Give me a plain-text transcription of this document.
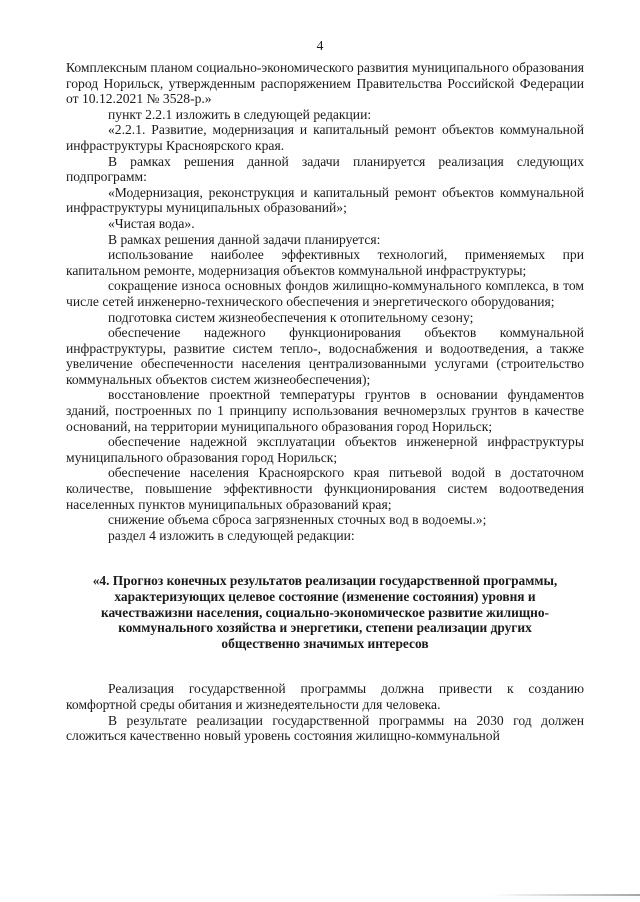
4

Комплексным планом социально-экономического развития муниципального образования город Норильск, утвержденным распоряжением Правительства Российской Федерации от 10.12.2021 № 3528-р.»

пункт 2.2.1 изложить в следующей редакции:

«2.2.1. Развитие, модернизация и капитальный ремонт объектов коммунальной инфраструктуры Красноярского края.

В рамках решения данной задачи планируется реализация следующих подпрограмм:

«Модернизация, реконструкция и капитальный ремонт объектов коммунальной инфраструктуры муниципальных образований»;

«Чистая вода».

В рамках решения данной задачи планируется:

использование наиболее эффективных технологий, применяемых при капитальном ремонте, модернизация объектов коммунальной инфраструктуры;

сокращение износа основных фондов жилищно-коммунального комплекса, в том числе сетей инженерно-технического обеспечения и энергетического оборудования;

подготовка систем жизнеобеспечения к отопительному сезону;

обеспечение надежного функционирования объектов коммунальной инфраструктуры, развитие систем тепло-, водоснабжения и водоотведения, а также увеличение обеспеченности населения централизованными услугами (строительство коммунальных объектов систем жизнеобеспечения);

восстановление проектной температуры грунтов в основании фундаментов зданий, построенных по 1 принципу использования вечномерзлых грунтов в качестве оснований, на территории муниципального образования город Норильск;

обеспечение надежной эксплуатации объектов инженерной инфраструктуры муниципального образования город Норильск;

обеспечение населения Красноярского края питьевой водой в достаточном количестве, повышение эффективности функционирования систем водоотведения населенных пунктов муниципальных образований края;

снижение объема сброса загрязненных сточных вод в водоемы.»;

раздел 4 изложить в следующей редакции:

«4. Прогноз конечных результатов реализации государственной программы, характеризующих целевое состояние (изменение состояния) уровня и качестважизни населения, социально-экономическое развитие жилищно-коммунального хозяйства и энергетики, степени реализации других общественно значимых интересов

Реализация государственной программы должна привести к созданию комфортной среды обитания и жизнедеятельности для человека.

В результате реализации государственной программы на 2030 год должен сложиться качественно новый уровень состояния жилищно-коммунальной
